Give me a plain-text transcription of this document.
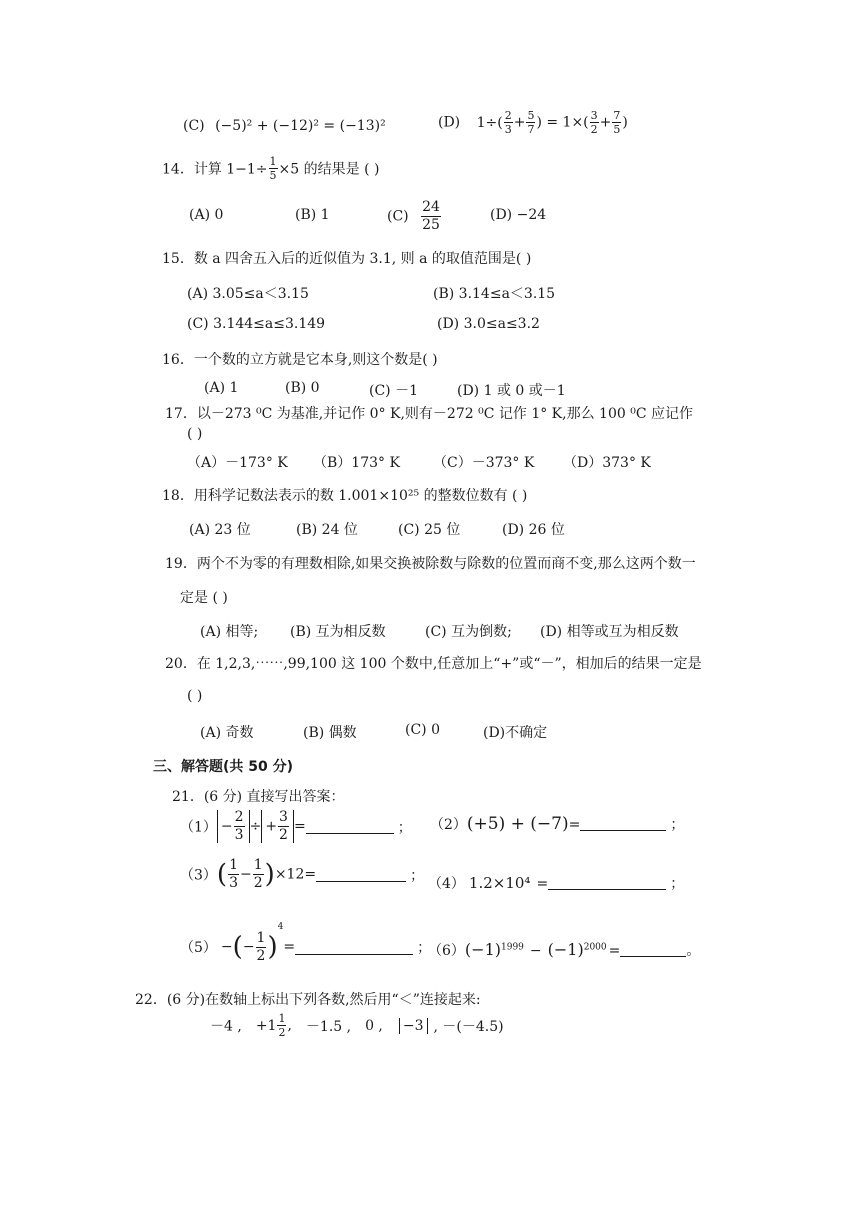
(C) (−5)² + (−12)² = (−13)²	(D) $1\div( \frac{2}{3} + \frac{5}{7}$ ) = $1\times( \frac{3}{2} + \frac{7}{5}$ )
14．计算 $1-1\div \frac{1}{5} \times 5$ 的结果是 ( )
(A) 0	(B) 1	$(C) \frac{24}{25}$	(D) −24
15．数 a 四舍五入后的近似值为 3.1, 则 a 的取值范围是( )
(A) 3.05≤a＜3.15	(B) 3.14≤a＜3.15
(C) 3.144≤a≤3.149	(D) 3.0≤a≤3.2
16．一个数的立方就是它本身,则这个数是( )
(A) 1	(B) 0	(C) －1	(D) 1 或 0 或－1
17．以－273 ⁰C 为基准,并记作 0° K,则有－272 ⁰C 记作 1° K,那么 100 ⁰C 应记作
( )
（A）－173° K （B）173° K （C）－373° K （D）373° K
18．用科学记数法表示的数 1.001×10²⁵ 的整数位数有 ( )
(A) 23 位	(B) 24 位	(C) 25 位	(D) 26 位
19．两个不为零的有理数相除,如果交换被除数与除数的位置而商不变,那么这两个数一
定是 ( )
(A) 相等; (B) 互为相反数	(C) 互为倒数; (D) 相等或互为相反数
20．在 1,2,3,⋯⋯,99,100 这 100 个数中,任意加上“+”或“－”，相加后的结果一定是
( )
(A) 奇数	(B) 偶数	(C) 0	(D)不确定
三、解答题(共 50 分)
21．(6 分) 直接写出答案：
$(1) - \frac{2}{3}$ ÷ + $\frac{3}{2}$ =	； （2）(+5) + (−7)=	；
$(3)( \frac{1}{3} - \frac{1}{2} )\times 12=$	；
（4） 1.2×10⁴ =	；
（5） −(− $\frac{1}{2} )^4=$	；
$(6)(-1)^{1999} - (-1)^{2000}$ =	。
22．(6 分)在数轴上标出下列各数,然后用“＜”连接起来:
－4 , $+1 \frac{1}{2}$ , －1.5 , 0 , −3 , －(－4.5)
